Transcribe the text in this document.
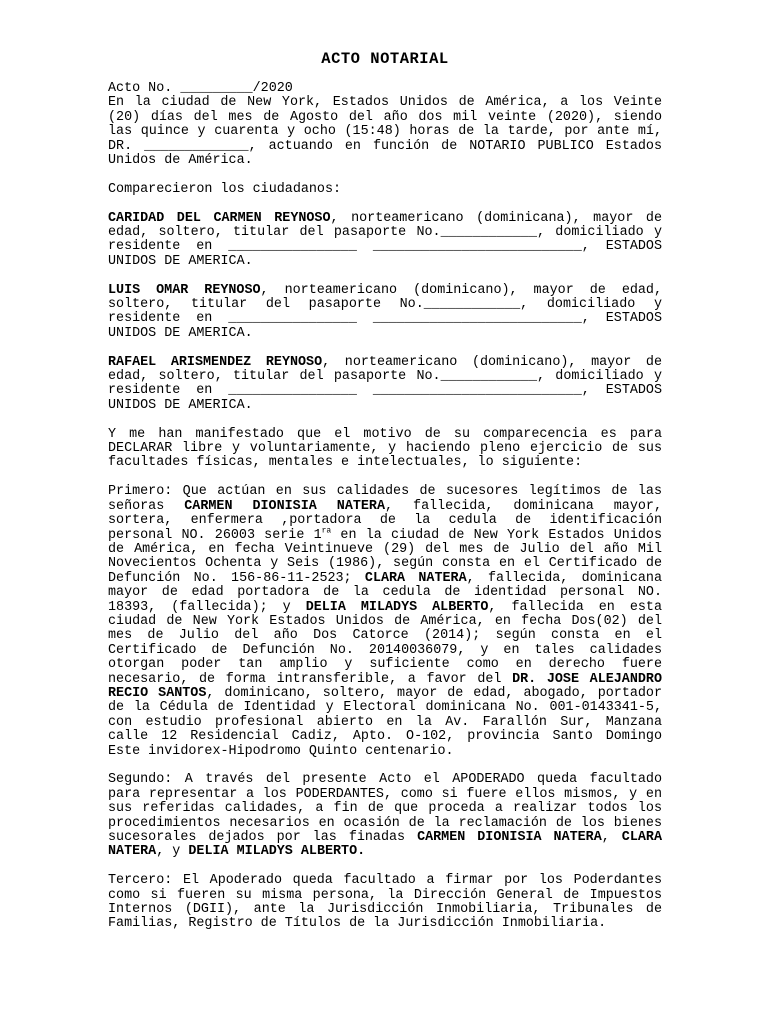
ACTO NOTARIAL
Acto No. _________/2020
En la ciudad de New York, Estados Unidos de América, a los Veinte (20) días del mes de Agosto del año dos mil veinte (2020), siendo las quince y cuarenta y ocho (15:48) horas de la tarde, por ante mí, DR. _____________, actuando en función de NOTARIO PUBLICO Estados Unidos de América.
Comparecieron los ciudadanos:
CARIDAD DEL CARMEN REYNOSO, norteamericano (dominicana), mayor de edad, soltero, titular del pasaporte No.____________, domiciliado y residente en ________________ __________________________, ESTADOS UNIDOS DE AMERICA.
LUIS OMAR REYNOSO, norteamericano (dominicano), mayor de edad, soltero, titular del pasaporte No.____________, domiciliado y residente en ________________ __________________________, ESTADOS UNIDOS DE AMERICA.
RAFAEL ARISMENDEZ REYNOSO, norteamericano (dominicano), mayor de edad, soltero, titular del pasaporte No.____________, domiciliado y residente en ________________ __________________________, ESTADOS UNIDOS DE AMERICA.
Y me han manifestado que el motivo de su comparecencia es para DECLARAR libre y voluntariamente, y haciendo pleno ejercicio de sus facultades físicas, mentales e intelectuales, lo siguiente:
Primero: Que actúan en sus calidades de sucesores legítimos de las señoras CARMEN DIONISIA NATERA, fallecida, dominicana mayor, sortera, enfermera ,portadora de la cedula de identificación personal NO. 26003 serie $1^{ra}$ en la ciudad de New York Estados Unidos de América, en fecha Veintinueve (29) del mes de Julio del año Mil Novecientos Ochenta y Seis (1986), según consta en el Certificado de Defunción No. 156-86-11-2523; CLARA NATERA, fallecida, dominicana mayor de edad portadora de la cedula de identidad personal NO. 18393, (fallecida); y DELIA MILADYS ALBERTO, fallecida en esta ciudad de New York Estados Unidos de América, en fecha Dos(02) del mes de Julio del año Dos Catorce (2014); según consta en el Certificado de Defunción No. 20140036079, y en tales calidades otorgan poder tan amplio y suficiente como en derecho fuere necesario, de forma intransferible, a favor del DR. JOSE ALEJANDRO RECIO SANTOS, dominicano, soltero, mayor de edad, abogado, portador de la Cédula de Identidad y Electoral dominicana No. 001-0143341-5, con estudio profesional abierto en la Av. Farallón Sur, Manzana calle 12 Residencial Cadiz, Apto. O-102, provincia Santo Domingo Este invidorex-Hipodromo Quinto centenario.
Segundo: A través del presente Acto el APODERADO queda facultado para representar a los PODERDANTES, como si fuere ellos mismos, y en sus referidas calidades, a fin de que proceda a realizar todos los procedimientos necesarios en ocasión de la reclamación de los bienes sucesorales dejados por las finadas CARMEN DIONISIA NATERA, CLARA NATERA, y DELIA MILADYS ALBERTO.
Tercero: El Apoderado queda facultado a firmar por los Poderdantes como si fueren su misma persona, la Dirección General de Impuestos Internos (DGII), ante la Jurisdicción Inmobiliaria, Tribunales de Familias, Registro de Títulos de la Jurisdicción Inmobiliaria.
